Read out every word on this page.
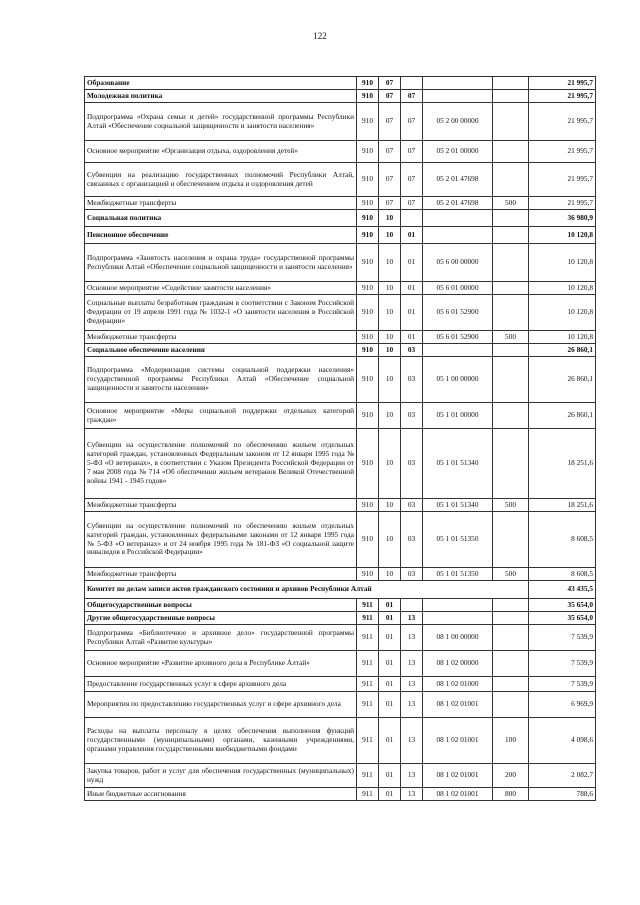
122
Образование	910	07				21 995,7
Молодежная политика	910	07	07			21 995,7
Подпрограмма «Охрана семьи и детей» государственной программы Республики Алтай «Обеспечение социальной защищенности и занятости населения»	910	07	07	05 2 00 00000		21 995,7
Основное мероприятие «Организация отдыха, оздоровления детей»	910	07	07	05 2 01 00000		21 995,7
Субвенции на реализацию государственных полномочий Республики Алтай, связанных с организацией и обеспечением отдыха и оздоровления детей	910	07	07	05 2 01 47698		21 995,7
Межбюджетные трансферты	910	07	07	05 2 01 47698	500	21 995,7
Социальная политика	910	10				36 980,9
Пенсионное обеспечение	910	10	01			10 120,8
Подпрограмма «Занятость населения и охрана труда» государственной программы Республики Алтай «Обеспечение социальной защищенности и занятости населения»	910	10	01	05 6 00 00000		10 120,8
Основное мероприятие «Содействие занятости населения»	910	10	01	05 6 01 00000		10 120,8
Социальные выплаты безработным гражданам в соответствии с Законом Российской Федерации от 19 апреля 1991 года № 1032-1 «О занятости населения в Российской Федерации»	910	10	01	05 6 01 52900		10 120,8
Межбюджетные трансферты	910	10	01	05 6 01 52900	500	10 120,8
Социальное обеспечение населения	910	10	03			26 860,1
Подпрограмма «Модернизация системы социальной поддержки населения» государственной программы Республики Алтай «Обеспечение социальной защищенности и занятости населения»	910	10	03	05 1 00 00000		26 860,1
Основное мероприятие «Меры социальной поддержки отдельных категорий граждан»	910	10	03	05 1 01 00000		26 860,1
Субвенции на осуществление полномочий по обеспечению жильем отдельных категорий граждан, установленных Федеральным законом от 12 января 1995 года № 5-ФЗ «О ветеранах», в соответствии с Указом Президента Российской Федерации от 7 мая 2008 года № 714 «Об обеспечении жильем ветеранов Великой Отечественной войны 1941 - 1945 годов»	910	10	03	05 1 01 51340		18 251,6
Межбюджетные трансферты	910	10	03	05 1 01 51340	500	18 251,6
Субвенции на осуществление полномочий по обеспечению жильем отдельных категорий граждан, установленных федеральными законами от 12 января 1995 года № 5-ФЗ «О ветеранах» и от 24 ноября 1995 года № 181-ФЗ «О социальной защите инвалидов в Российской Федерации»	910	10	03	05 1 01 51350		8 608,5
Межбюджетные трансферты	910	10	03	05 1 01 51350	500	8 608,5
Комитет по делам записи актов гражданского состояния и архивов Республики Алтай						43 435,5
Общегосударственные вопросы	911	01				35 654,0
Другие общегосударственные вопросы	911	01	13			35 654,0
Подпрограмма «Библиотечное и архивное дело» государственной программы Республики Алтай «Развитие культуры»	911	01	13	08 1 00 00000		7 539,9
Основное мероприятие «Развитие архивного дела в Республике Алтай»	911	01	13	08 1 02 00000		7 539,9
Предоставление государственных услуг в сфере архивного дела	911	01	13	08 1 02 01000		7 539,9
Мероприятия по предоставлению государственных услуг и сфере архивного дела	911	01	13	08 1 02 01001		6 969,9
Расходы на выплаты персоналу в целях обеспечения выполнения функций государственными (муниципальными) органами, казенными учреждениями, органами управления государственными внебюджетными фондами	911	01	13	08 1 02 01001	100	4 098,6
Закупка товаров, работ и услуг для обеспечения государственных (муниципальных) нужд	911	01	13	08 1 02 01001	200	2 082,7
Иные бюджетные ассигнования	911	01	13	08 1 02 01001	800	788,6
